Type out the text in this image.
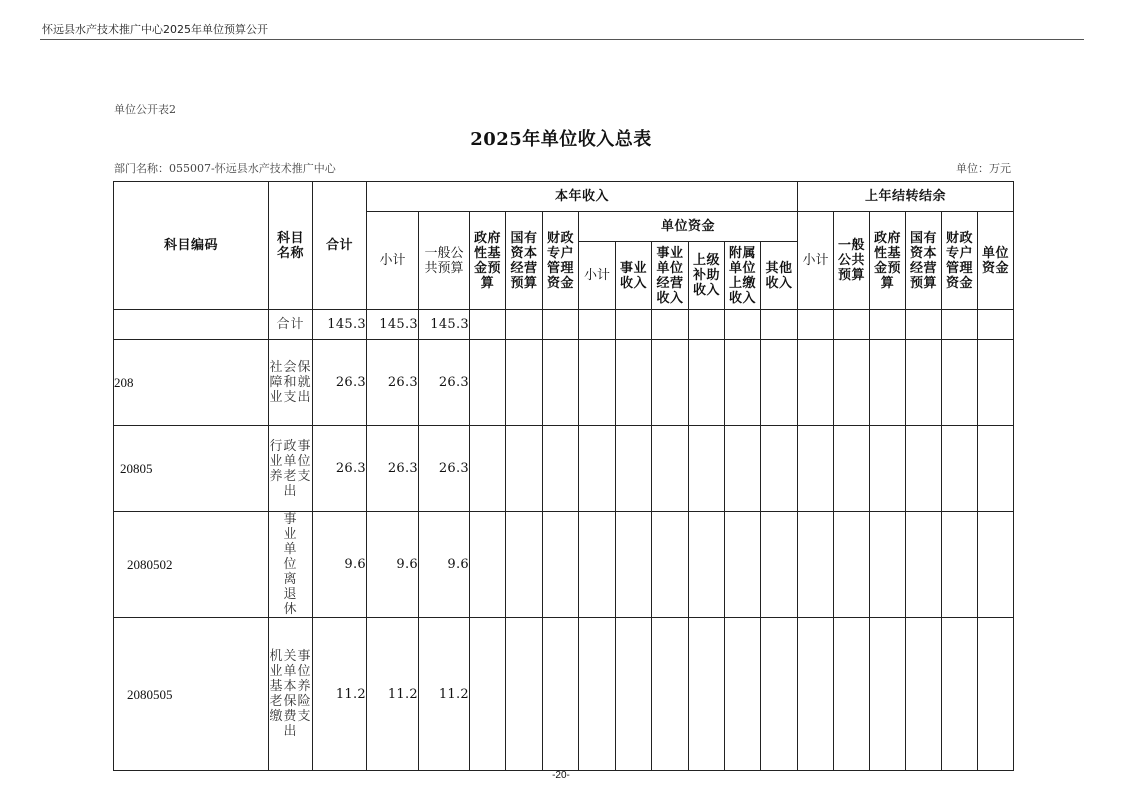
怀远县水产技术推广中心2025年单位预算公开
单位公开表2
2025年单位收入总表
部门名称：055007-怀远县水产技术推广中心	单位：万元
科目编码	科目名称	合计	本年收入											上年结转结余					
			小计	一般公共预算	政府性基金预算	国有资本经营预算	财政专户管理资金	单位资金						小计	一般公共预算	政府性基金预算	国有资本经营预算	财政专户管理资金	单位资金
								小计	事业收入	事业单位经营收入	上级补助收入	附属单位上缴收入	其他收入						
	合计	145.3	145.3	145.3															
208	社会保障和就业支出	26.3	26.3	26.3															
20805	行政事业单位养老支出	26.3	26.3	26.3															
2080502	事业单位离退休	9.6	9.6	9.6															
2080505	机关事业单位基本养老保险缴费支出	11.2	11.2	11.2															
-20-
